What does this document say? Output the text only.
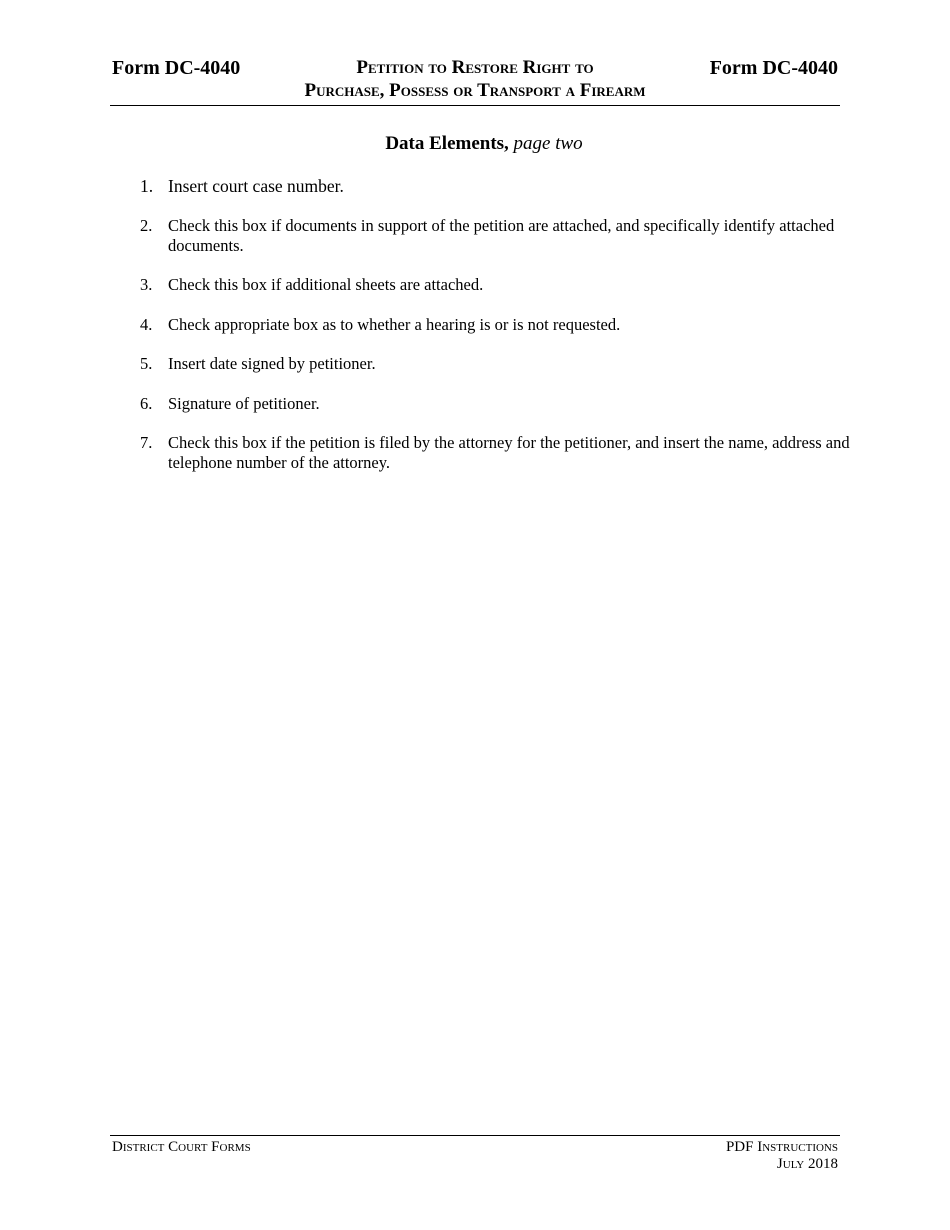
Form DC-4040	Petition to Restore Right to
Purchase, Possess or Transport a Firearm
Form DC-4040
Data Elements, page two
1. Insert court case number.
2. Check this box if documents in support of the petition are attached, and specifically identify attached documents.
3. Check this box if additional sheets are attached.
4. Check appropriate box as to whether a hearing is or is not requested.
5. Insert date signed by petitioner.
6. Signature of petitioner.
7. Check this box if the petition is filed by the attorney for the petitioner, and insert the name, address and telephone number of the attorney.
District Court Forms	PDF Instructions
July 2018
